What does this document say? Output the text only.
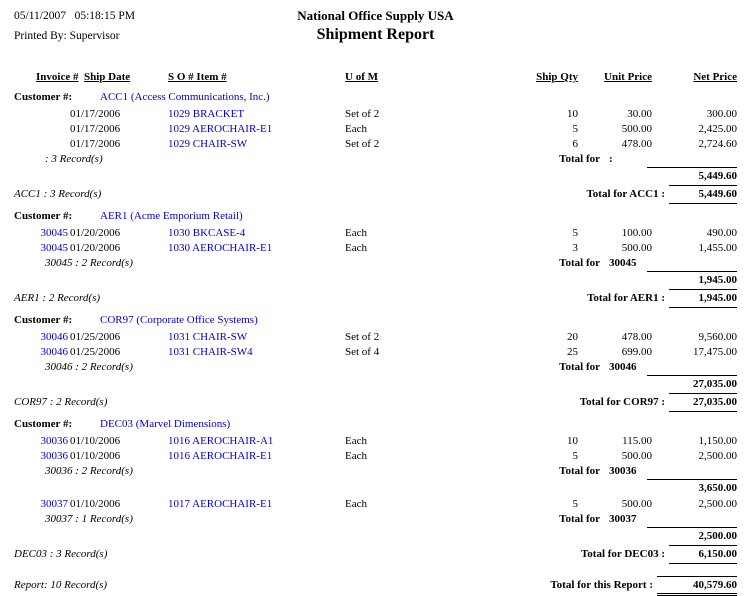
05/11/2007   05:18:15 PM
Printed By: Supervisor
National Office Supply USA
Shipment Report
Invoice # Ship Date	S O # Item #	U of M	Ship Qty	Unit Price	Net Price
Customer #:	ACC1 (Access Communications, Inc.)
01/17/2006	1029 BRACKET	Set of 2	10	30.00	300.00
01/17/2006	1029 AEROCHAIR-E1	Each	5	500.00	2,425.00
01/17/2006	1029 CHAIR-SW	Set of 2	6	478.00	2,724.60
: 3 Record(s)	Total for :
5,449.60
ACC1 : 3 Record(s)	Total for ACC1 :	5,449.60
Customer #:	AER1 (Acme Emporium Retail)
30045 01/20/2006	1030 BKCASE-4	Each	5	100.00	490.00
30045 01/20/2006	1030 AEROCHAIR-E1	Each	3	500.00	1,455.00
30045 : 2 Record(s)	Total for 30045
1,945.00
AER1 : 2 Record(s)	Total for AER1 :	1,945.00
Customer #:	COR97 (Corporate Office Systems)
30046 01/25/2006	1031 CHAIR-SW	Set of 2	20	478.00	9,560.00
30046 01/25/2006	1031 CHAIR-SW4	Set of 4	25	699.00	17,475.00
30046 : 2 Record(s)	Total for 30046
27,035.00
COR97 : 2 Record(s)	Total for COR97 :	27,035.00
Customer #:	DEC03 (Marvel Dimensions)
30036 01/10/2006	1016 AEROCHAIR-A1	Each	10	115.00	1,150.00
30036 01/10/2006	1016 AEROCHAIR-E1	Each	5	500.00	2,500.00
30036 : 2 Record(s)	Total for 30036
3,650.00
30037 01/10/2006	1017 AEROCHAIR-E1	Each	5	500.00	2,500.00
30037 : 1 Record(s)	Total for 30037
2,500.00
DEC03 : 3 Record(s)	Total for DEC03 :	6,150.00
Report: 10 Record(s)	Total for this Report :	40,579.60
